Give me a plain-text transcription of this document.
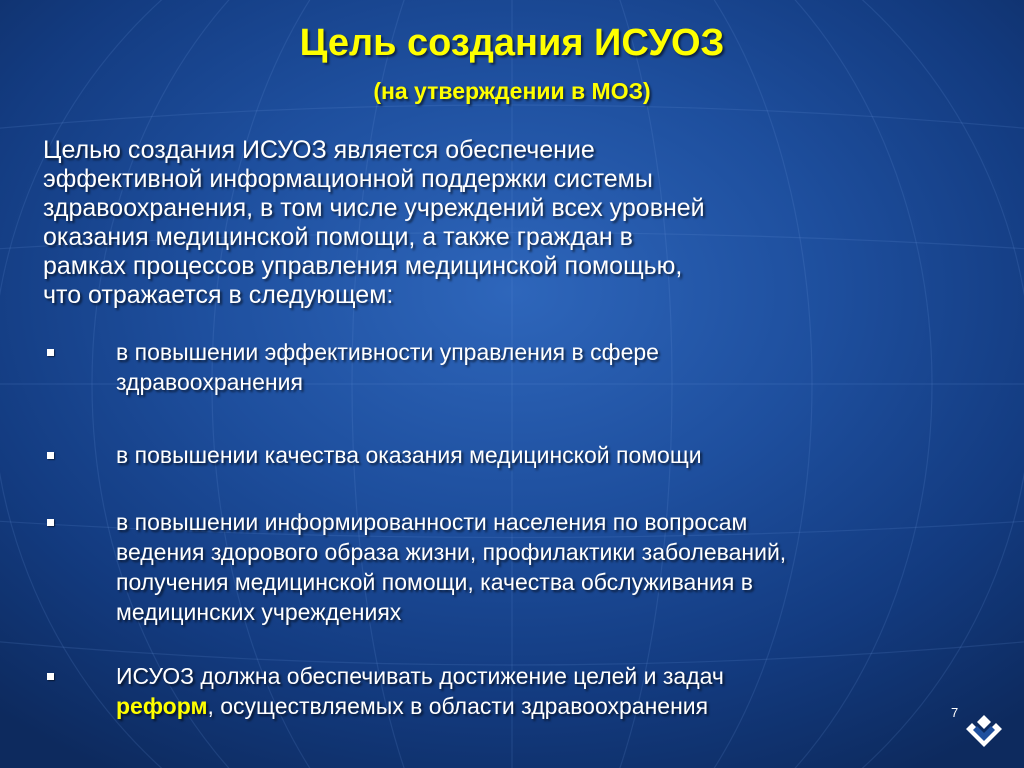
Цель создания ИСУОЗ
(на утверждении в МОЗ)
Целью создания ИСУОЗ является обеспечение
эффективной информационной поддержки системы
здравоохранения, в том числе учреждений всех уровней
оказания медицинской помощи, а также граждан в
рамках процессов управления медицинской помощью,
что отражается в следующем:
в повышении эффективности управления в сфере
здравоохранения
в повышении качества оказания медицинской помощи
в повышении информированности населения по вопросам
ведения здорового образа жизни, профилактики заболеваний,
получения медицинской помощи, качества обслуживания в
медицинских учреждениях
ИСУОЗ должна обеспечивать достижение целей и задач
реформ, осуществляемых в области здравоохранения	7
